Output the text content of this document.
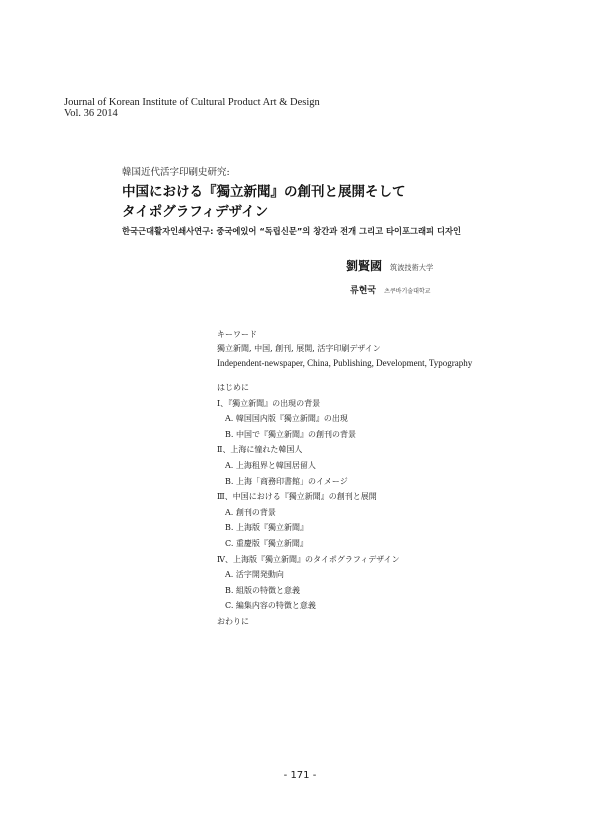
Journal of Korean Institute of Cultural Product Art & Design
Vol. 36 2014
韓国近代活字印刷史研究:
中国における『獨立新聞』の創刊と展開そして
タイポグラフィデザイン
한국근대활자인쇄사연구: 중국에있어 “독립신문”의 창간과 전개 그리고 타이포그래피 디자인
劉賢國 筑波技術大学
류현국 츠쿠바기술대학교
キーワード
獨立新聞, 中国, 創刊, 展開, 活字印刷デザイン
Independent-newspaper, China, Publishing, Development, Typography
はじめに
Ⅰ、『獨立新聞』の出現の背景
A. 韓国国内版『獨立新聞』の出現
B. 中国で『獨立新聞』の創刊の背景
Ⅱ、上海に憧れた韓国人
A. 上海租界と韓国居留人
B. 上海「商務印書館」のイメージ
Ⅲ、中国における『獨立新聞』の創刊と展開
A. 創刊の背景
B. 上海版『獨立新聞』
C. 重慶版『獨立新聞』
Ⅳ、上海版『獨立新聞』のタイポグラフィデザイン
A. 活字開発動向
B. 組版の特徴と意義
C. 編集内容の特徴と意義
おわりに
- 171 -
